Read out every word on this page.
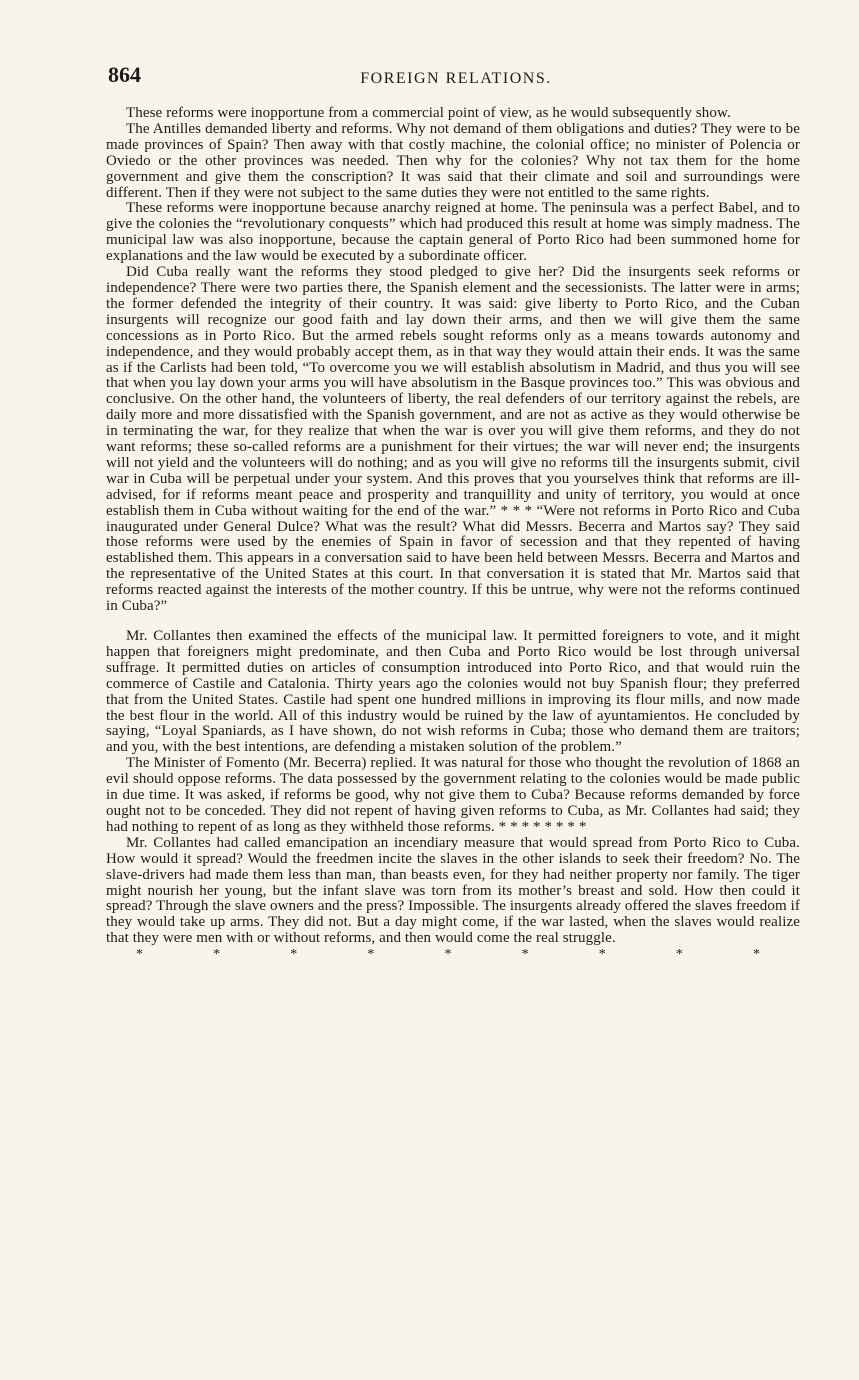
864	FOREIGN RELATIONS.

These reforms were inopportune from a commercial point of view, as he would subsequently show.

The Antilles demanded liberty and reforms. Why not demand of them obligations and duties? They were to be made provinces of Spain? Then away with that costly machine, the colonial office; no minister of Polencia or Oviedo or the other provinces was needed. Then why for the colonies? Why not tax them for the home government and give them the conscription? It was said that their climate and soil and surroundings were different. Then if they were not subject to the same duties they were not entitled to the same rights.

These reforms were inopportune because anarchy reigned at home. The peninsula was a perfect Babel, and to give the colonies the “revolutionary conquests” which had produced this result at home was simply madness. The municipal law was also inopportune, because the captain general of Porto Rico had been summoned home for explanations and the law would be executed by a subordinate officer.

Did Cuba really want the reforms they stood pledged to give her? Did the insurgents seek reforms or independence? There were two parties there, the Spanish element and the secessionists. The latter were in arms; the former defended the integrity of their country. It was said: give liberty to Porto Rico, and the Cuban insurgents will recognize our good faith and lay down their arms, and then we will give them the same concessions as in Porto Rico. But the armed rebels sought reforms only as a means towards autonomy and independence, and they would probably accept them, as in that way they would attain their ends. It was the same as if the Carlists had been told, “To overcome you we will establish absolutism in Madrid, and thus you will see that when you lay down your arms you will have absolutism in the Basque provinces too.” This was obvious and conclusive. On the other hand, the volunteers of liberty, the real defenders of our territory against the rebels, are daily more and more dissatisfied with the Spanish government, and are not as active as they would otherwise be in terminating the war, for they realize that when the war is over you will give them reforms, and they do not want reforms; these so-called reforms are a punishment for their virtues; the war will never end; the insurgents will not yield and the volunteers will do nothing; and as you will give no reforms till the insurgents submit, civil war in Cuba will be perpetual under your system. And this proves that you yourselves think that reforms are ill-advised, for if reforms meant peace and prosperity and tranquillity and unity of territory, you would at once establish them in Cuba without waiting for the end of the war.” * * * “Were not reforms in Porto Rico and Cuba inaugurated under General Dulce? What was the result? What did Messrs. Becerra and Martos say? They said those reforms were used by the enemies of Spain in favor of secession and that they repented of having established them. This appears in a conversation said to have been held between Messrs. Becerra and Martos and the representative of the United States at this court. In that conversation it is stated that Mr. Martos said that reforms reacted against the interests of the mother country. If this be untrue, why were not the reforms continued in Cuba?”

Mr. Collantes then examined the effects of the municipal law. It permitted foreigners to vote, and it might happen that foreigners might predominate, and then Cuba and Porto Rico would be lost through universal suffrage. It permitted duties on articles of consumption introduced into Porto Rico, and that would ruin the commerce of Castile and Catalonia. Thirty years ago the colonies would not buy Spanish flour; they preferred that from the United States. Castile had spent one hundred millions in improving its flour mills, and now made the best flour in the world. All of this industry would be ruined by the law of ayuntamientos. He concluded by saying, “Loyal Spaniards, as I have shown, do not wish reforms in Cuba; those who demand them are traitors; and you, with the best intentions, are defending a mistaken solution of the problem.”

The Minister of Fomento (Mr. Becerra) replied. It was natural for those who thought the revolution of 1868 an evil should oppose reforms. The data possessed by the government relating to the colonies would be made public in due time. It was asked, if reforms be good, why not give them to Cuba? Because reforms demanded by force ought not to be conceded. They did not repent of having given reforms to Cuba, as Mr. Collantes had said; they had nothing to repent of as long as they withheld those reforms. * * * * * * * *

Mr. Collantes had called emancipation an incendiary measure that would spread from Porto Rico to Cuba. How would it spread? Would the freedmen incite the slaves in the other islands to seek their freedom? No. The slave-drivers had made them less than man, than beasts even, for they had neither property nor family. The tiger might nourish her young, but the infant slave was torn from its mother’s breast and sold. How then could it spread? Through the slave owners and the press? Impossible. The insurgents already offered the slaves freedom if they would take up arms. They did not. But a day might come, if the war lasted, when the slaves would realize that they were men with or without reforms, and then would come the real struggle.

* * * * * * * * *
